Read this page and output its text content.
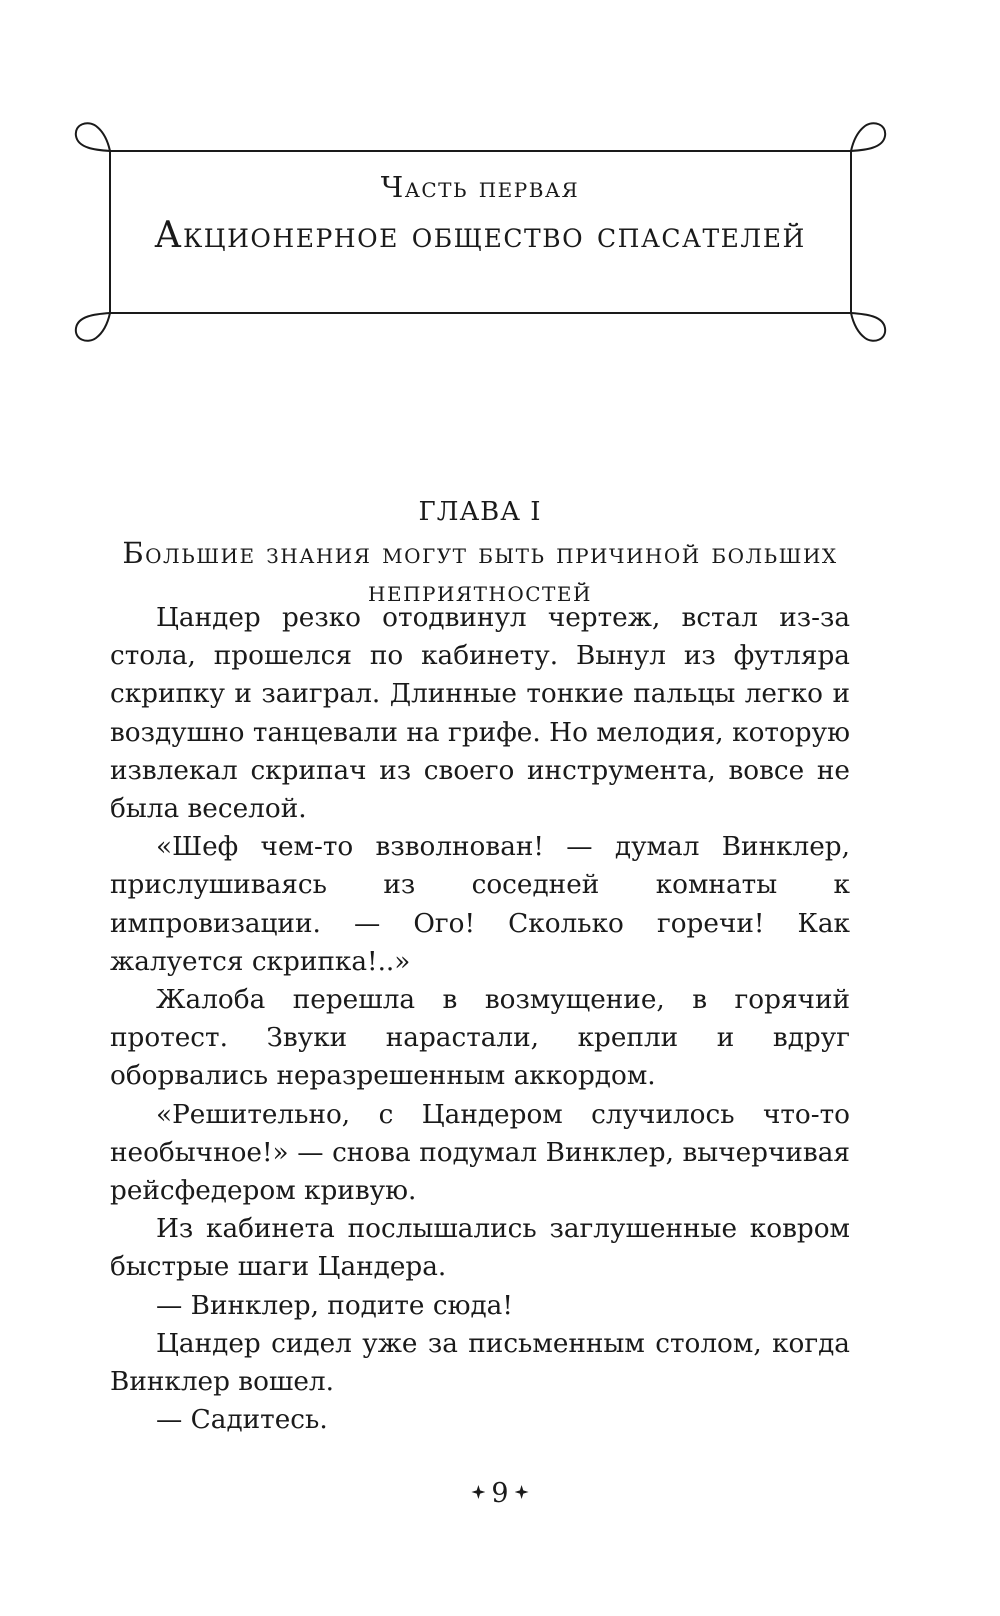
Часть первая
Акционерное общество спасателей
ГЛАВА I
Большие знания могут быть причиной больших неприятностей

Цандер резко отодвинул чертеж, встал из-за стола, прошелся по кабинету. Вынул из футляра скрипку и заиграл. Длинные тонкие пальцы легко и воздушно танцевали на грифе. Но мелодия, которую извлекал скрипач из своего инструмента, вовсе не была веселой.

«Шеф чем-то взволнован! — думал Винклер, прислушиваясь из соседней комнаты к импровизации. — Ого! Сколько горечи! Как жалуется скрипка!..»

Жалоба перешла в возмущение, в горячий протест. Звуки нарастали, крепли и вдруг оборвались неразрешенным аккордом.

«Решительно, с Цандером случилось что-то необычное!» — снова подумал Винклер, вычерчивая рейсфедером кривую.

Из кабинета послышались заглушенные ковром быстрые шаги Цандера.

— Винклер, подите сюда!

Цандер сидел уже за письменным столом, когда Винклер вошел.

— Садитесь.

9
